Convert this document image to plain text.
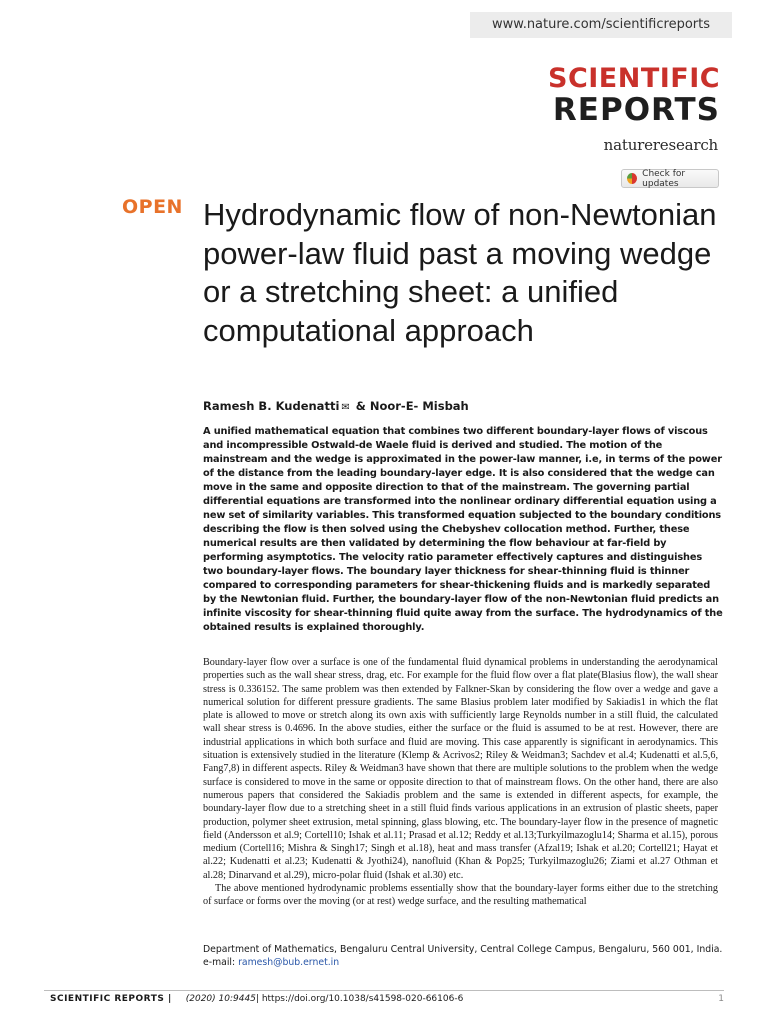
www.nature.com/scientificreports
SCIENTIFIC
REPORTS
natureresearch
Check for updates
OPEN Hydrodynamic flow of non-Newtonian power-law fluid past a moving wedge or a stretching sheet: a unified computational approach
Ramesh B. Kudenatti ✉ & Noor-E- Misbah

A unified mathematical equation that combines two different boundary-layer flows of viscous and incompressible Ostwald-de Waele fluid is derived and studied. The motion of the mainstream and the wedge is approximated in the power-law manner, i.e, in terms of the power of the distance from the leading boundary-layer edge. It is also considered that the wedge can move in the same and opposite direction to that of the mainstream. The governing partial differential equations are transformed into the nonlinear ordinary differential equation using a new set of similarity variables. This transformed equation subjected to the boundary conditions describing the flow is then solved using the Chebyshev collocation method. Further, these numerical results are then validated by determining the flow behaviour at far-field by performing asymptotics. The velocity ratio parameter effectively captures and distinguishes two boundary-layer flows. The boundary layer thickness for shear-thinning fluid is thinner compared to corresponding parameters for shear-thickening fluids and is markedly separated by the Newtonian fluid. Further, the boundary-layer flow of the non-Newtonian fluid predicts an infinite viscosity for shear-thinning fluid quite away from the surface. The hydrodynamics of the obtained results is explained thoroughly.

Boundary-layer flow over a surface is one of the fundamental fluid dynamical problems in understanding the aerodynamical properties such as the wall shear stress, drag, etc. For example for the fluid flow over a flat plate(Blasius flow), the wall shear stress is 0.336152. The same problem was then extended by Falkner-Skan by considering the flow over a wedge and gave a numerical solution for different pressure gradients. The same Blasius problem later modified by Sakiadis1 in which the flat plate is allowed to move or stretch along its own axis with sufficiently large Reynolds number in a still fluid, the calculated wall shear stress is 0.4696. In the above studies, either the surface or the fluid is assumed to be at rest. However, there are industrial applications in which both surface and fluid are moving. This case apparently is significant in aerodynamics. This situation is extensively studied in the literature (Klemp & Acrivos2; Riley & Weidman3; Sachdev et al.4; Kudenatti et al.5,6, Fang7,8) in different aspects. Riley & Weidman3 have shown that there are multiple solutions to the problem when the wedge surface is considered to move in the same or opposite direction to that of mainstream flows. On the other hand, there are also numerous papers that considered the Sakiadis problem and the same is extended in different aspects, for example, the boundary-layer flow due to a stretching sheet in a still fluid finds various applications in an extrusion of plastic sheets, paper production, polymer sheet extrusion, metal spinning, glass blowing, etc. The boundary-layer flow in the presence of magnetic field (Andersson et al.9; Cortell10; Ishak et al.11; Prasad et al.12; Reddy et al.13;Turkyilmazoglu14; Sharma et al.15), porous medium (Cortell16; Mishra & Singh17; Singh et al.18), heat and mass transfer (Afzal19; Ishak et al.20; Cortell21; Hayat et al.22; Kudenatti et al.23; Kudenatti & Jyothi24), nanofluid (Khan & Pop25; Turkyilmazoglu26; Ziami et al.27 Othman et al.28; Dinarvand et al.29), micro-polar fluid (Ishak et al.30) etc.

The above mentioned hydrodynamic problems essentially show that the boundary-layer forms either due to the stretching of surface or forms over the moving (or at rest) wedge surface, and the resulting mathematical

Department of Mathematics, Bengaluru Central University, Central College Campus, Bengaluru, 560 001, India.
e-mail: ramesh@bub.ernet.in
SCIENTIFIC REPORTS | (2020) 10:9445 | https://doi.org/10.1038/s41598-020-66106-6	1
